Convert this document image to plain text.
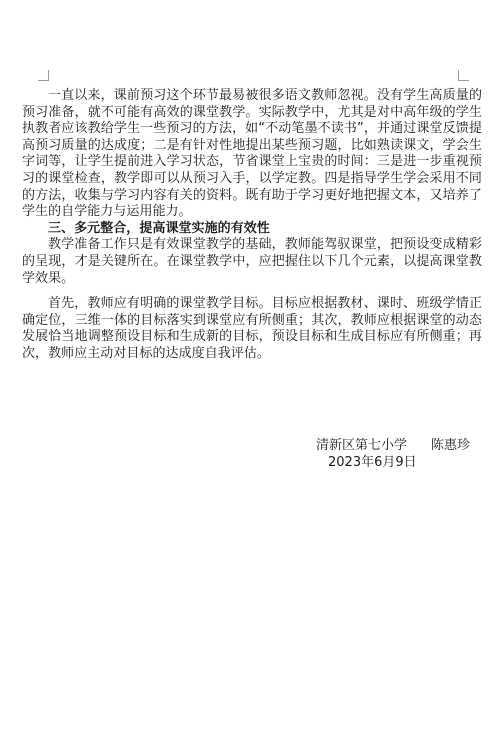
一直以来，课前预习这个环节最易被很多语文教师忽视。没有学生高质量的预习准备，就不可能有高效的课堂教学。实际教学中，尤其是对中高年级的学生执教者应该教给学生一些预习的方法，如“不动笔墨不读书”，并通过课堂反馈提高预习质量的达成度；二是有针对性地提出某些预习题，比如熟读课文，学会生字词等，让学生提前进入学习状态，节省课堂上宝贵的时间：三是进一步重视预习的课堂检查，教学即可以从预习入手，以学定教。四是指导学生学会采用不同的方法，收集与学习内容有关的资料。既有助于学习更好地把握文本，又培养了学生的自学能力与运用能力。

三、多元整合，提高课堂实施的有效性

教学准备工作只是有效课堂教学的基础，教师能驾驭课堂，把预设变成精彩的呈现，才是关键所在。在课堂教学中，应把握住以下几个元素，以提高课堂教学效果。

首先，教师应有明确的课堂教学目标。目标应根据教材、课时、班级学情正确定位，三维一体的目标落实到课堂应有所侧重；其次，教师应根据课堂的动态发展恰当地调整预设目标和生成新的目标，预设目标和生成目标应有所侧重；再次，教师应主动对目标的达成度自我评估。

清新区第七小学 陈惠珍
2023年6月9日
